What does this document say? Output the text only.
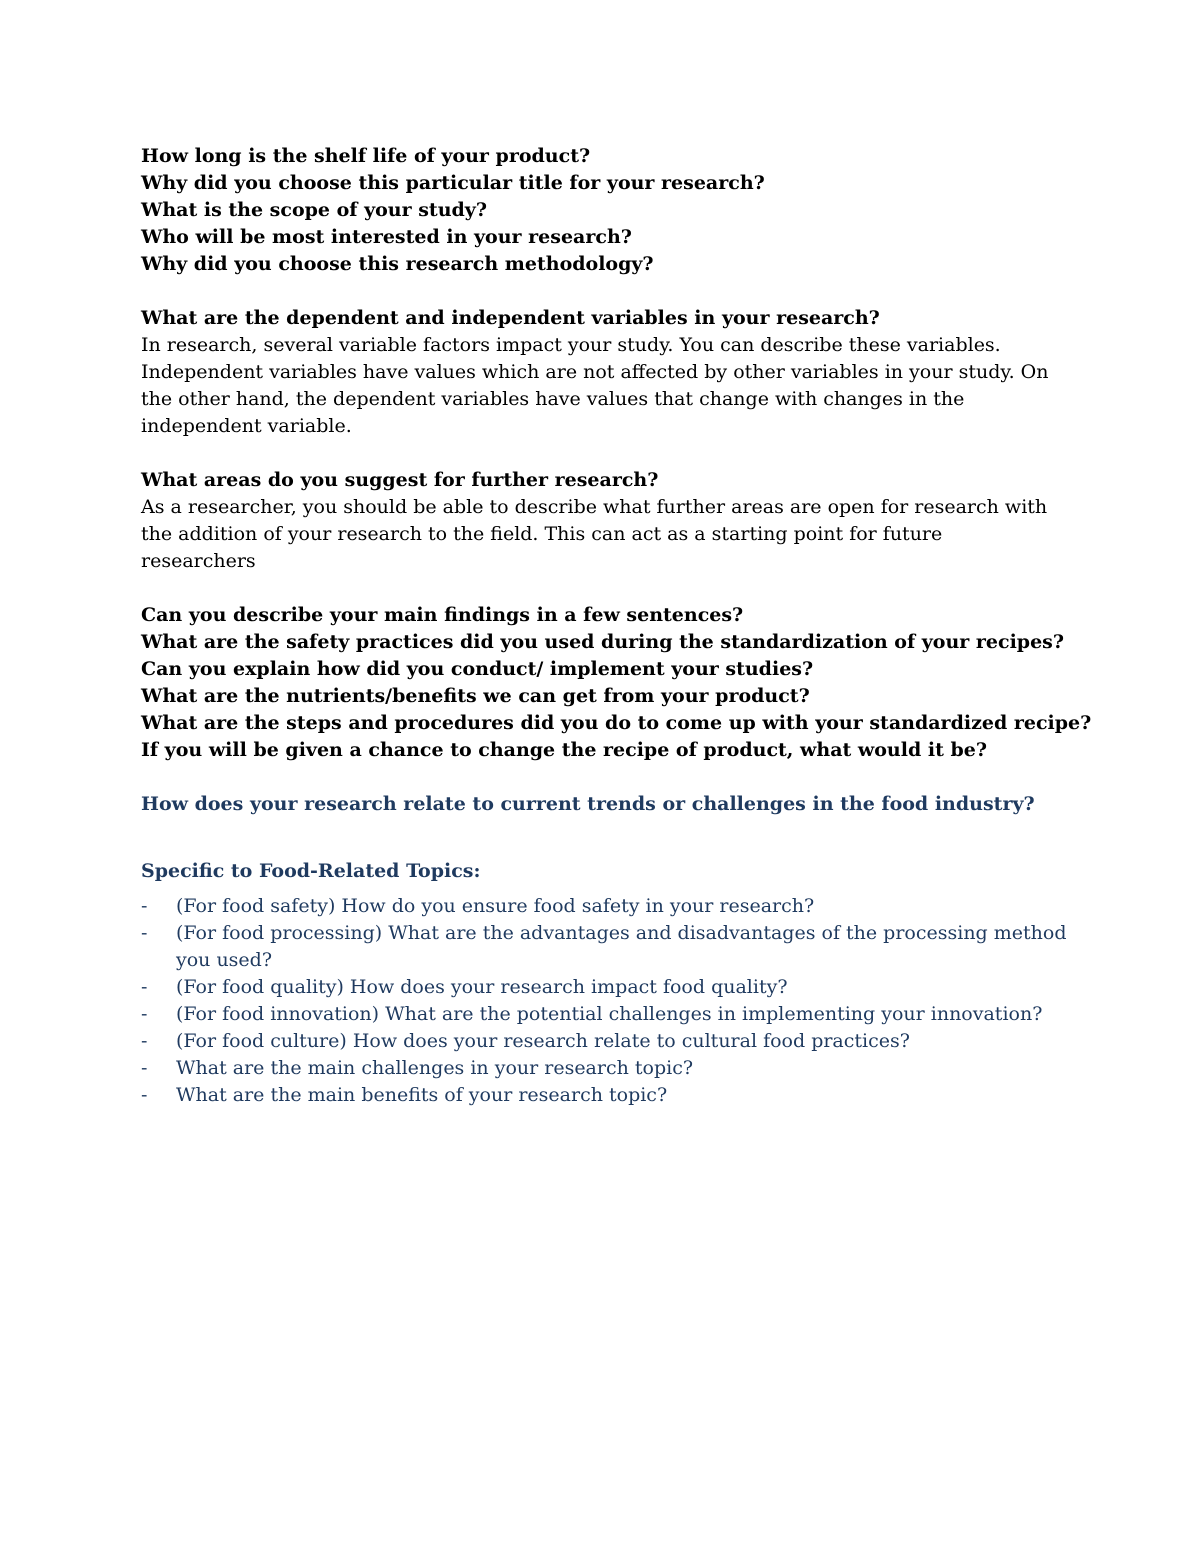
How long is the shelf life of your product?

Why did you choose this particular title for your research?

What is the scope of your study?

Who will be most interested in your research?

Why did you choose this research methodology?

What are the dependent and independent variables in your research?

In research, several variable factors impact your study. You can describe these variables. Independent variables have values which are not affected by other variables in your study. On the other hand, the dependent variables have values that change with changes in the independent variable.

What areas do you suggest for further research?

As a researcher, you should be able to describe what further areas are open for research with the addition of your research to the field. This can act as a starting point for future researchers

Can you describe your main findings in a few sentences?

What are the safety practices did you used during the standardization of your recipes?

Can you explain how did you conduct/ implement your studies?

What are the nutrients/benefits we can get from your product?

What are the steps and procedures did you do to come up with your standardized recipe?

If you will be given a chance to change the recipe of product, what would it be?

How does your research relate to current trends or challenges in the food industry?

Specific to Food-Related Topics:

- (For food safety) How do you ensure food safety in your research?
- (For food processing) What are the advantages and disadvantages of the processing method you used?
- (For food quality) How does your research impact food quality?
- (For food innovation) What are the potential challenges in implementing your innovation?
- (For food culture) How does your research relate to cultural food practices?
- What are the main challenges in your research topic?
- What are the main benefits of your research topic?
